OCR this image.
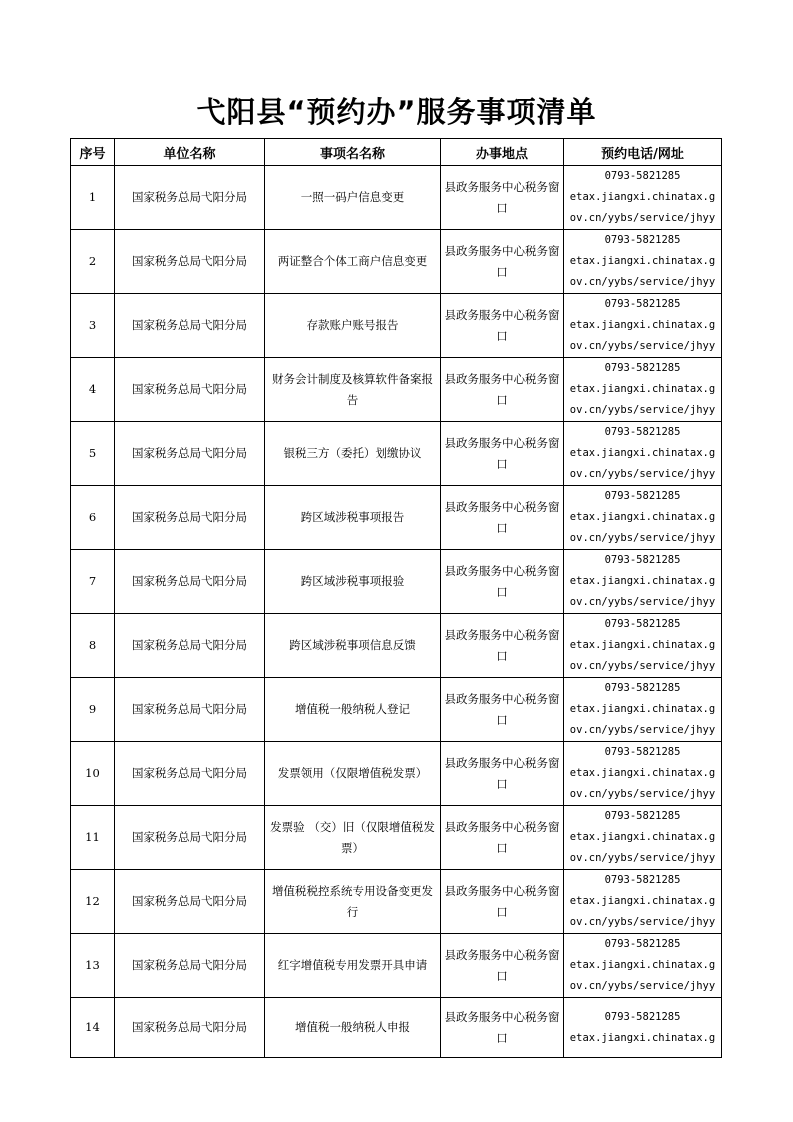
弋阳县“预约办”服务事项清单
序号	单位名称	事项名名称	办事地点	预约电话/网址
1	国家税务总局弋阳分局	一照一码户信息变更	县政务服务中心税务窗口	0793-5821285
etax.jiangxi.chinatax.g
ov.cn/yybs/service/jhyy

2	国家税务总局弋阳分局	两证整合个体工商户信息变更	县政务服务中心税务窗口	0793-5821285
etax.jiangxi.chinatax.g
ov.cn/yybs/service/jhyy

3	国家税务总局弋阳分局	存款账户账号报告	县政务服务中心税务窗口	0793-5821285
etax.jiangxi.chinatax.g
ov.cn/yybs/service/jhyy

4	国家税务总局弋阳分局	财务会计制度及核算软件备案报告	县政务服务中心税务窗口	0793-5821285
etax.jiangxi.chinatax.g
ov.cn/yybs/service/jhyy

5	国家税务总局弋阳分局	银税三方（委托）划缴协议	县政务服务中心税务窗口	0793-5821285
etax.jiangxi.chinatax.g
ov.cn/yybs/service/jhyy

6	国家税务总局弋阳分局	跨区域涉税事项报告	县政务服务中心税务窗口	0793-5821285
etax.jiangxi.chinatax.g
ov.cn/yybs/service/jhyy

7	国家税务总局弋阳分局	跨区域涉税事项报验	县政务服务中心税务窗口	0793-5821285
etax.jiangxi.chinatax.g
ov.cn/yybs/service/jhyy

8	国家税务总局弋阳分局	跨区域涉税事项信息反馈	县政务服务中心税务窗口	0793-5821285
etax.jiangxi.chinatax.g
ov.cn/yybs/service/jhyy

9	国家税务总局弋阳分局	增值税一般纳税人登记	县政务服务中心税务窗口	0793-5821285
etax.jiangxi.chinatax.g
ov.cn/yybs/service/jhyy

10	国家税务总局弋阳分局	发票领用（仅限增值税发票）	县政务服务中心税务窗口	0793-5821285
etax.jiangxi.chinatax.g
ov.cn/yybs/service/jhyy

11	国家税务总局弋阳分局	发票验 （交）旧（仅限增值税发票）	县政务服务中心税务窗口	0793-5821285
etax.jiangxi.chinatax.g
ov.cn/yybs/service/jhyy

12	国家税务总局弋阳分局	增值税税控系统专用设备变更发行	县政务服务中心税务窗口	0793-5821285
etax.jiangxi.chinatax.g
ov.cn/yybs/service/jhyy

13	国家税务总局弋阳分局	红字增值税专用发票开具申请	县政务服务中心税务窗口	0793-5821285
etax.jiangxi.chinatax.g
ov.cn/yybs/service/jhyy

14	国家税务总局弋阳分局	增值税一般纳税人申报	县政务服务中心税务窗口	0793-5821285
etax.jiangxi.chinatax.g
